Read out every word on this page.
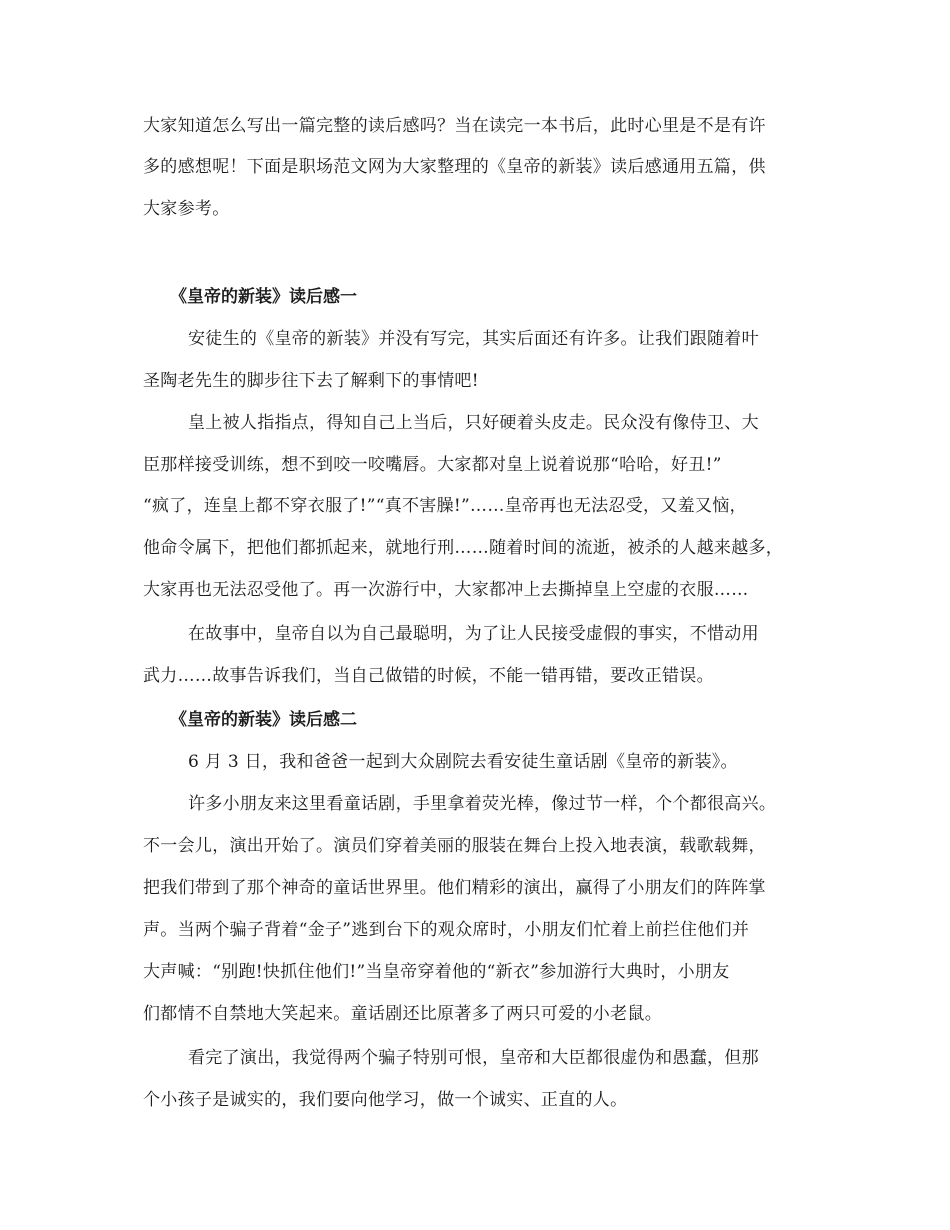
大家知道怎么写出一篇完整的读后感吗？当在读完一本书后，此时心里是不是有许
多的感想呢！下面是职场范文网为大家整理的《皇帝的新装》读后感通用五篇，供
大家参考。
《皇帝的新装》读后感一
安徒生的《皇帝的新装》并没有写完，其实后面还有许多。让我们跟随着叶
圣陶老先生的脚步往下去了解剩下的事情吧!
皇上被人指指点，得知自己上当后，只好硬着头皮走。民众没有像侍卫、大
臣那样接受训练，想不到咬一咬嘴唇。大家都对皇上说着说那“哈哈，好丑!”
“疯了，连皇上都不穿衣服了!”“真不害臊!”……皇帝再也无法忍受，又羞又恼，
他命令属下，把他们都抓起来，就地行刑……随着时间的流逝，被杀的人越来越多，
大家再也无法忍受他了。再一次游行中，大家都冲上去撕掉皇上空虚的衣服……
在故事中，皇帝自以为自己最聪明，为了让人民接受虚假的事实，不惜动用
武力……故事告诉我们，当自己做错的时候，不能一错再错，要改正错误。
《皇帝的新装》读后感二
6 月 3 日，我和爸爸一起到大众剧院去看安徒生童话剧《皇帝的新装》。
许多小朋友来这里看童话剧，手里拿着荧光棒，像过节一样，个个都很高兴。
不一会儿，演出开始了。演员们穿着美丽的服装在舞台上投入地表演，载歌载舞，
把我们带到了那个神奇的童话世界里。他们精彩的演出，赢得了小朋友们的阵阵掌
声。当两个骗子背着“金子”逃到台下的观众席时，小朋友们忙着上前拦住他们并
大声喊：“别跑!快抓住他们!”当皇帝穿着他的“新衣”参加游行大典时，小朋友
们都情不自禁地大笑起来。童话剧还比原著多了两只可爱的小老鼠。
看完了演出，我觉得两个骗子特别可恨，皇帝和大臣都很虚伪和愚蠢，但那
个小孩子是诚实的，我们要向他学习，做一个诚实、正直的人。
